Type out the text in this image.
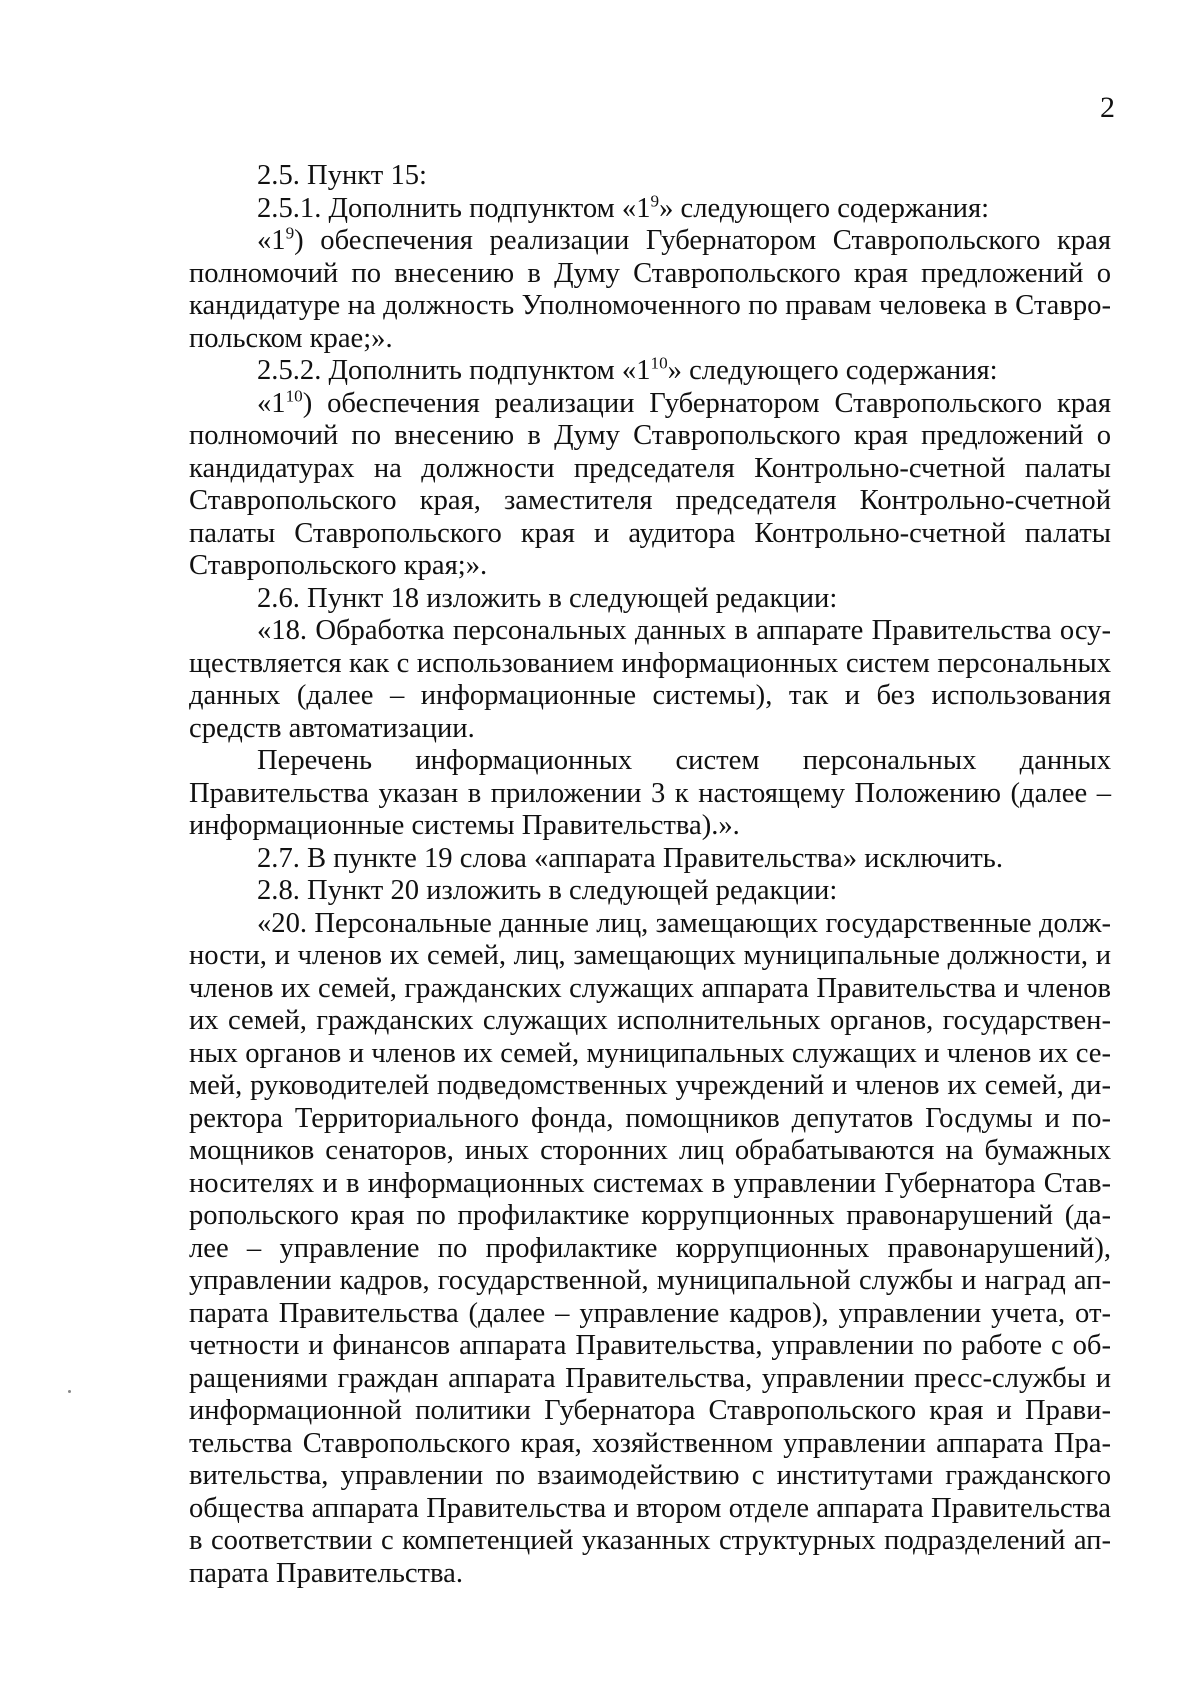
2

2.5. Пункт 15:

2.5.1. Дополнить подпунктом «$1^9$» следующего содержания:

«$1^9$) обеспечения реализации Губернатором Ставропольского края полномочий по внесению в Думу Ставропольского края предложений о кандидатуре на должность Уполномоченного по правам человека в Ставропольском крае;».

2.5.2. Дополнить подпунктом «$1^{10}$» следующего содержания:

«$1^{10}$) обеспечения реализации Губернатором Ставропольского края полномочий по внесению в Думу Ставропольского края предложений о кандидатурах на должности председателя Контрольно-счетной палаты Ставропольского края, заместителя председателя Контрольно-счетной палаты Ставропольского края и аудитора Контрольно-счетной палаты Ставропольского края;».

2.6. Пункт 18 изложить в следующей редакции:

«18. Обработка персональных данных в аппарате Правительства осуществляется как с использованием информационных систем персональных данных (далее – информационные системы), так и без использования средств автоматизации.

Перечень информационных систем персональных данных Правительства указан в приложении 3 к настоящему Положению (далее – информационные системы Правительства).».

2.7. В пункте 19 слова «аппарата Правительства» исключить.

2.8. Пункт 20 изложить в следующей редакции:

«20. Персональные данные лиц, замещающих государственные должности, и членов их семей, лиц, замещающих муниципальные должности, и членов их семей, гражданских служащих аппарата Правительства и членов их семей, гражданских служащих исполнительных органов, государственных органов и членов их семей, муниципальных служащих и членов их семей, руководителей подведомственных учреждений и членов их семей, директора Территориального фонда, помощников депутатов Госдумы и помощников сенаторов, иных сторонних лиц обрабатываются на бумажных носителях и в информационных системах в управлении Губернатора Ставропольского края по профилактике коррупционных правонарушений (далее – управление по профилактике коррупционных правонарушений), управлении кадров, государственной, муниципальной службы и наград аппарата Правительства (далее – управление кадров), управлении учета, отчетности и финансов аппарата Правительства, управлении по работе с обращениями граждан аппарата Правительства, управлении пресс-службы и информационной политики Губернатора Ставропольского края и Правительства Ставропольского края, хозяйственном управлении аппарата Правительства, управлении по взаимодействию с институтами гражданского общества аппарата Правительства и втором отделе аппарата Правительства в соответствии с компетенцией указанных структурных подразделений аппарата Правительства.
